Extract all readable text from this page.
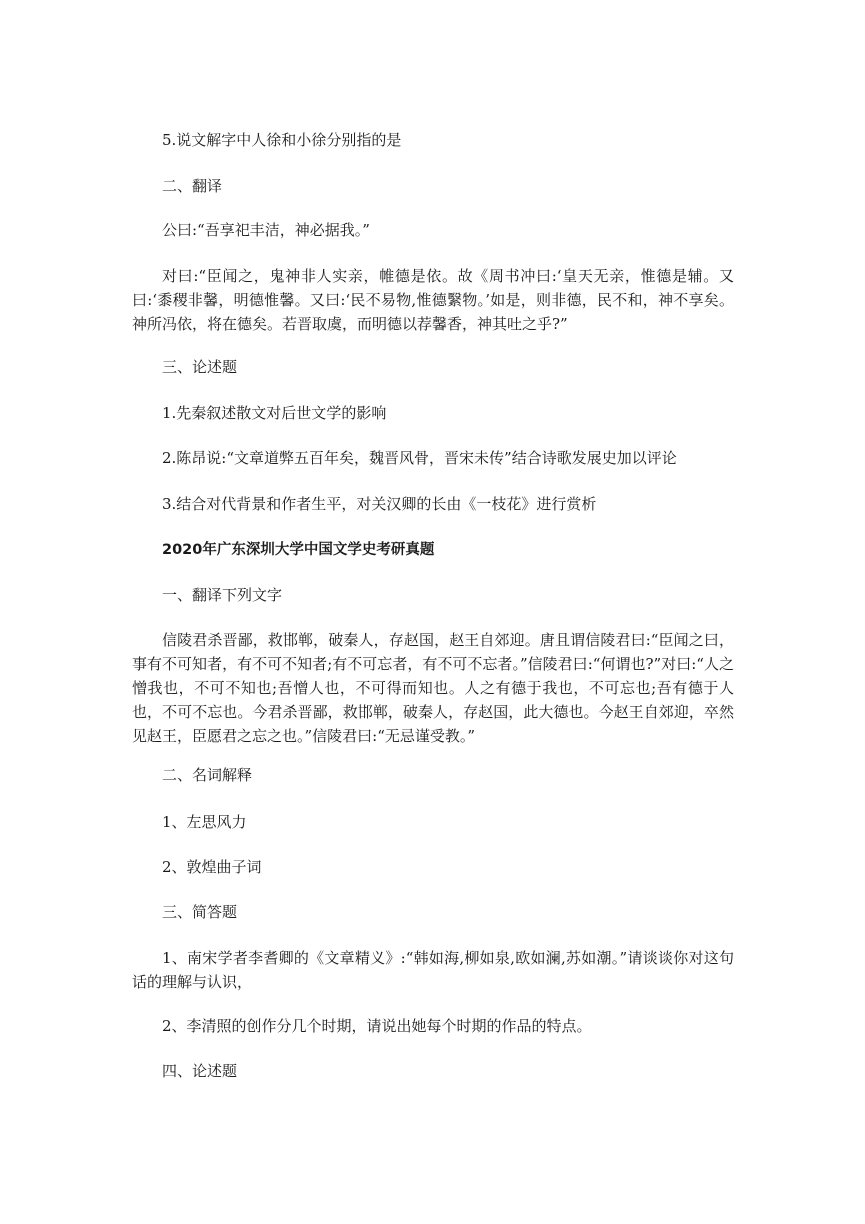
5.说文解字中人徐和小徐分别指的是

二、翻译

公曰:“吾享祀丰洁，神必据我。”

对曰:“臣闻之，鬼神非人实亲，帷德是依。故《周书冲曰:‘皇天无亲，惟德是辅。又曰:‘黍稷非馨，明德惟馨。又曰:‘民不易物,惟德繄物。’如是，则非德，民不和，神不享矣。神所冯依，将在德矣。若晋取虞，而明德以荐馨香，神其吐之乎?”

三、论述题

1.先秦叙述散文对后世文学的影响

2.陈昂说:“文章道弊五百年矣，魏晋风骨，晋宋未传”结合诗歌发展史加以评论

3.结合对代背景和作者生平，对关汉卿的长由《一枝花》进行赏析

2020年广东深圳大学中国文学史考研真题

一、翻译下列文字

信陵君杀晋鄙，救邯郸，破秦人，存赵国，赵王自郊迎。唐且谓信陵君曰:“臣闻之曰，事有不可知者，有不可不知者;有不可忘者，有不可不忘者。”信陵君曰:“何谓也?”对曰:“人之憎我也，不可不知也;吾憎人也，不可得而知也。人之有德于我也，不可忘也;吾有德于人也，不可不忘也。今君杀晋鄙，救邯郸，破秦人，存赵国，此大德也。今赵王自郊迎，卒然见赵王，臣愿君之忘之也。”信陵君曰:“无忌谨受教。”

二、名词解释

1、左思风力

2、敦煌曲子词

三、简答题

1、南宋学者李耆卿的《文章精义》:“韩如海,柳如泉,欧如澜,苏如潮。”请谈谈你对这句话的理解与认识，

2、李清照的创作分几个时期，请说出她每个时期的作品的特点。

四、论述题
